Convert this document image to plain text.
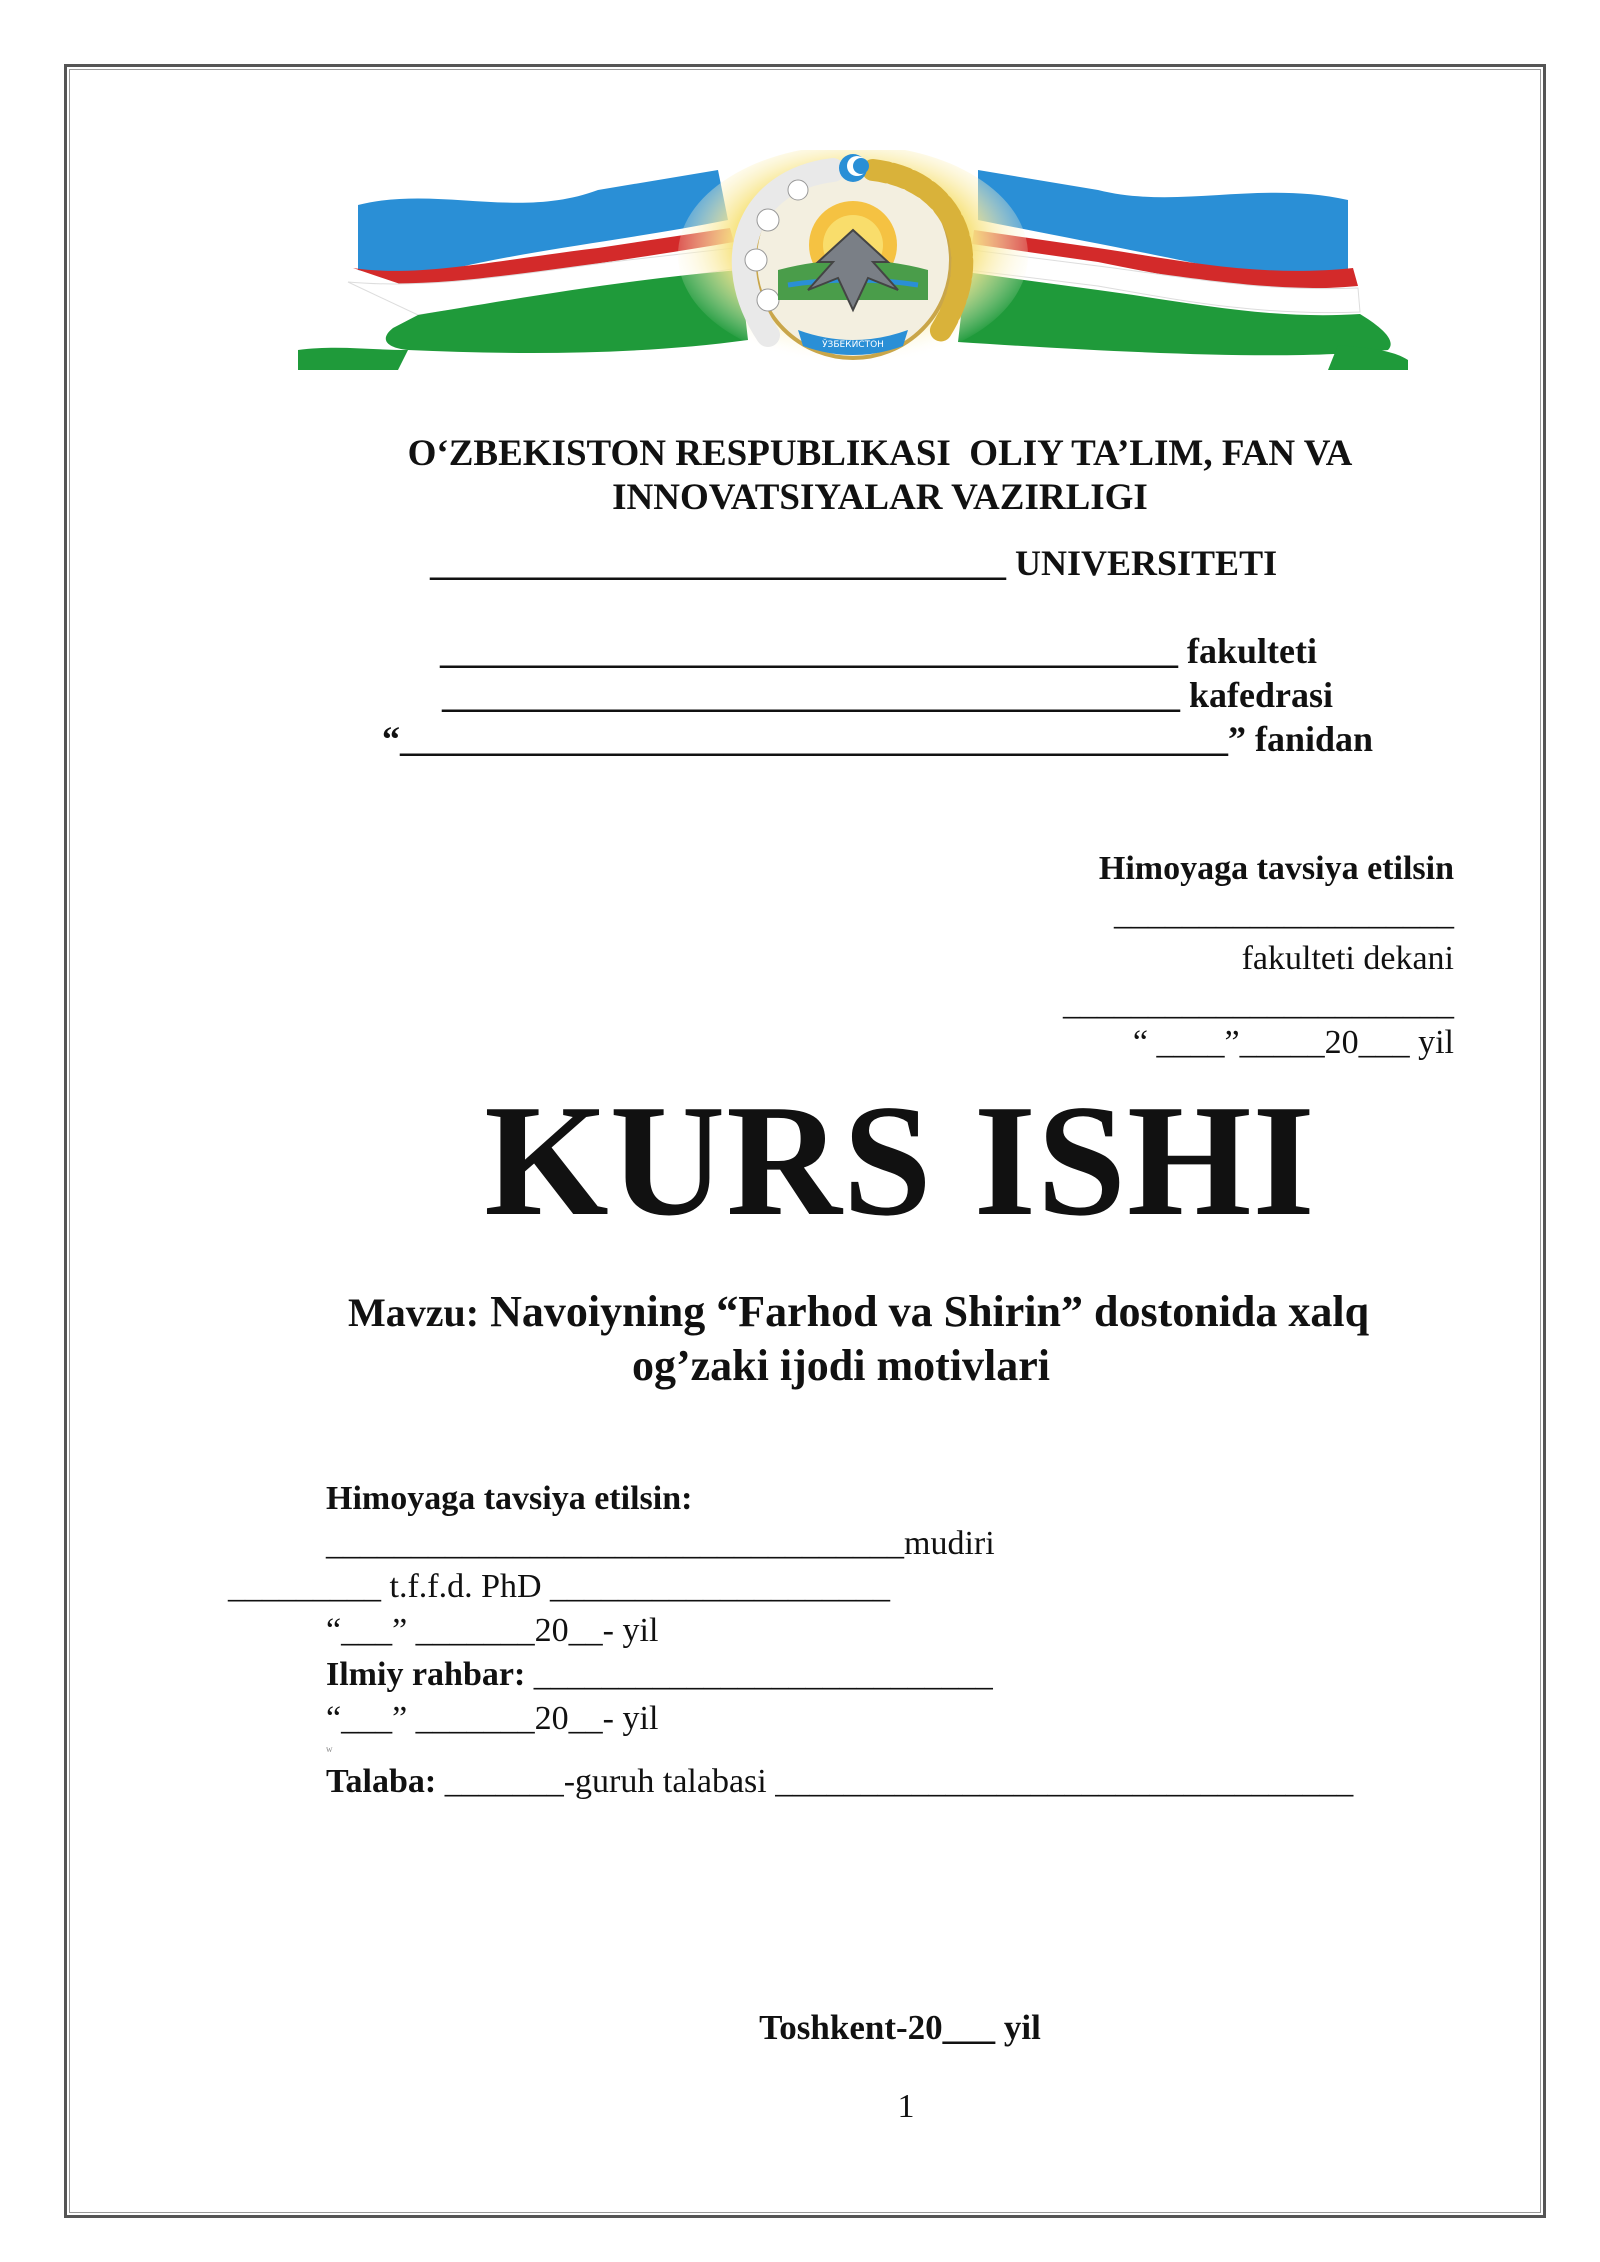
ЎЗБЕКИСТОН
O‘ZBEKISTON RESPUBLIKASI  OLIY TA’LIM, FAN VA
INNOVATSIYALAR VAZIRLIGI
________________________________ UNIVERSITETI
_________________________________________ fakulteti
_________________________________________ kafedrasi
“______________________________________________” fanidan
Himoyaga tavsiya etilsin
____________________
fakulteti dekani
_______________________
“ ____”_____20___ yil
KURS ISHI
Mavzu: Navoiyning “Farhod va Shirin” dostonida xalq
og’zaki ijodi motivlari
Himoyaga tavsiya etilsin:
__________________________________mudiri
_________ t.f.f.d. PhD ____________________
“___” _______20__- yil
Ilmiy rahbar: ___________________________
“___” _______20__- yil
w
Talaba: _______-guruh talabasi __________________________________
Toshkent-20___ yil
1
